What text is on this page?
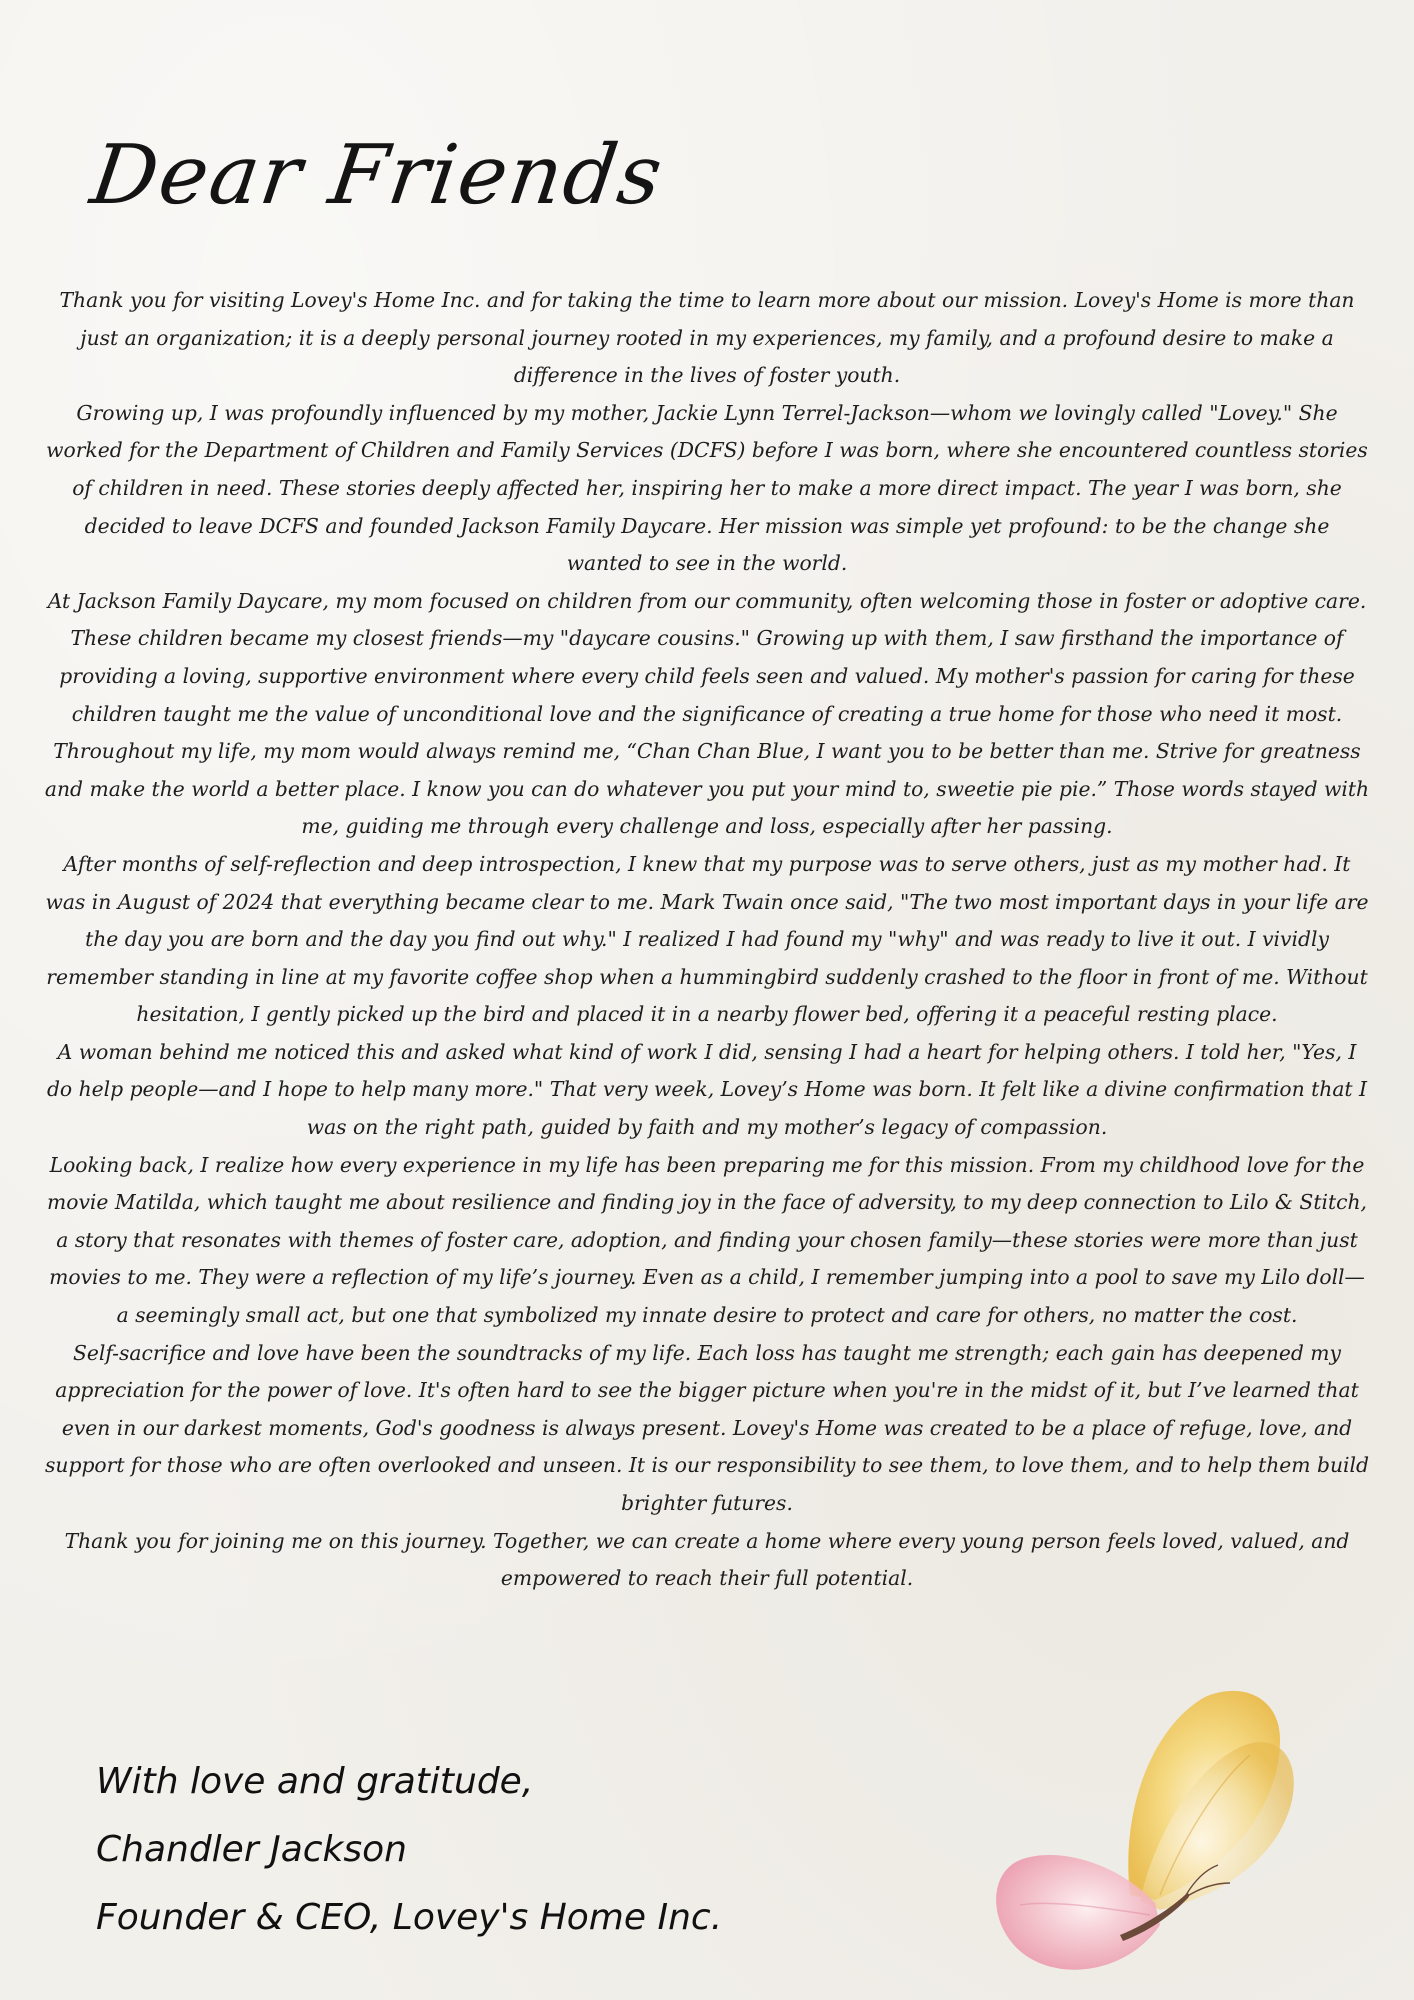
Dear Friends

Thank you for visiting Lovey's Home Inc. and for taking the time to learn more about our mission. Lovey's Home is more than just an organization; it is a deeply personal journey rooted in my experiences, my family, and a profound desire to make a difference in the lives of foster youth.

Growing up, I was profoundly influenced by my mother, Jackie Lynn Terrel-Jackson—whom we lovingly called "Lovey." She worked for the Department of Children and Family Services (DCFS) before I was born, where she encountered countless stories of children in need. These stories deeply affected her, inspiring her to make a more direct impact. The year I was born, she decided to leave DCFS and founded Jackson Family Daycare. Her mission was simple yet profound: to be the change she wanted to see in the world.

At Jackson Family Daycare, my mom focused on children from our community, often welcoming those in foster or adoptive care. These children became my closest friends—my "daycare cousins." Growing up with them, I saw firsthand the importance of providing a loving, supportive environment where every child feels seen and valued. My mother's passion for caring for these children taught me the value of unconditional love and the significance of creating a true home for those who need it most.

Throughout my life, my mom would always remind me, “Chan Chan Blue, I want you to be better than me. Strive for greatness and make the world a better place. I know you can do whatever you put your mind to, sweetie pie pie.” Those words stayed with me, guiding me through every challenge and loss, especially after her passing.

After months of self-reflection and deep introspection, I knew that my purpose was to serve others, just as my mother had. It was in August of 2024 that everything became clear to me. Mark Twain once said, "The two most important days in your life are the day you are born and the day you find out why." I realized I had found my "why" and was ready to live it out. I vividly remember standing in line at my favorite coffee shop when a hummingbird suddenly crashed to the floor in front of me. Without hesitation, I gently picked up the bird and placed it in a nearby flower bed, offering it a peaceful resting place.

A woman behind me noticed this and asked what kind of work I did, sensing I had a heart for helping others. I told her, "Yes, I do help people—and I hope to help many more." That very week, Lovey’s Home was born. It felt like a divine confirmation that I was on the right path, guided by faith and my mother’s legacy of compassion.

Looking back, I realize how every experience in my life has been preparing me for this mission. From my childhood love for the movie Matilda, which taught me about resilience and finding joy in the face of adversity, to my deep connection to Lilo & Stitch, a story that resonates with themes of foster care, adoption, and finding your chosen family—these stories were more than just movies to me. They were a reflection of my life’s journey. Even as a child, I remember jumping into a pool to save my Lilo doll—a seemingly small act, but one that symbolized my innate desire to protect and care for others, no matter the cost.

Self-sacrifice and love have been the soundtracks of my life. Each loss has taught me strength; each gain has deepened my appreciation for the power of love. It's often hard to see the bigger picture when you're in the midst of it, but I’ve learned that even in our darkest moments, God's goodness is always present. Lovey's Home was created to be a place of refuge, love, and support for those who are often overlooked and unseen. It is our responsibility to see them, to love them, and to help them build brighter futures.

Thank you for joining me on this journey. Together, we can create a home where every young person feels loved, valued, and empowered to reach their full potential.

With love and gratitude,
Chandler Jackson
Founder & CEO, Lovey's Home Inc.
